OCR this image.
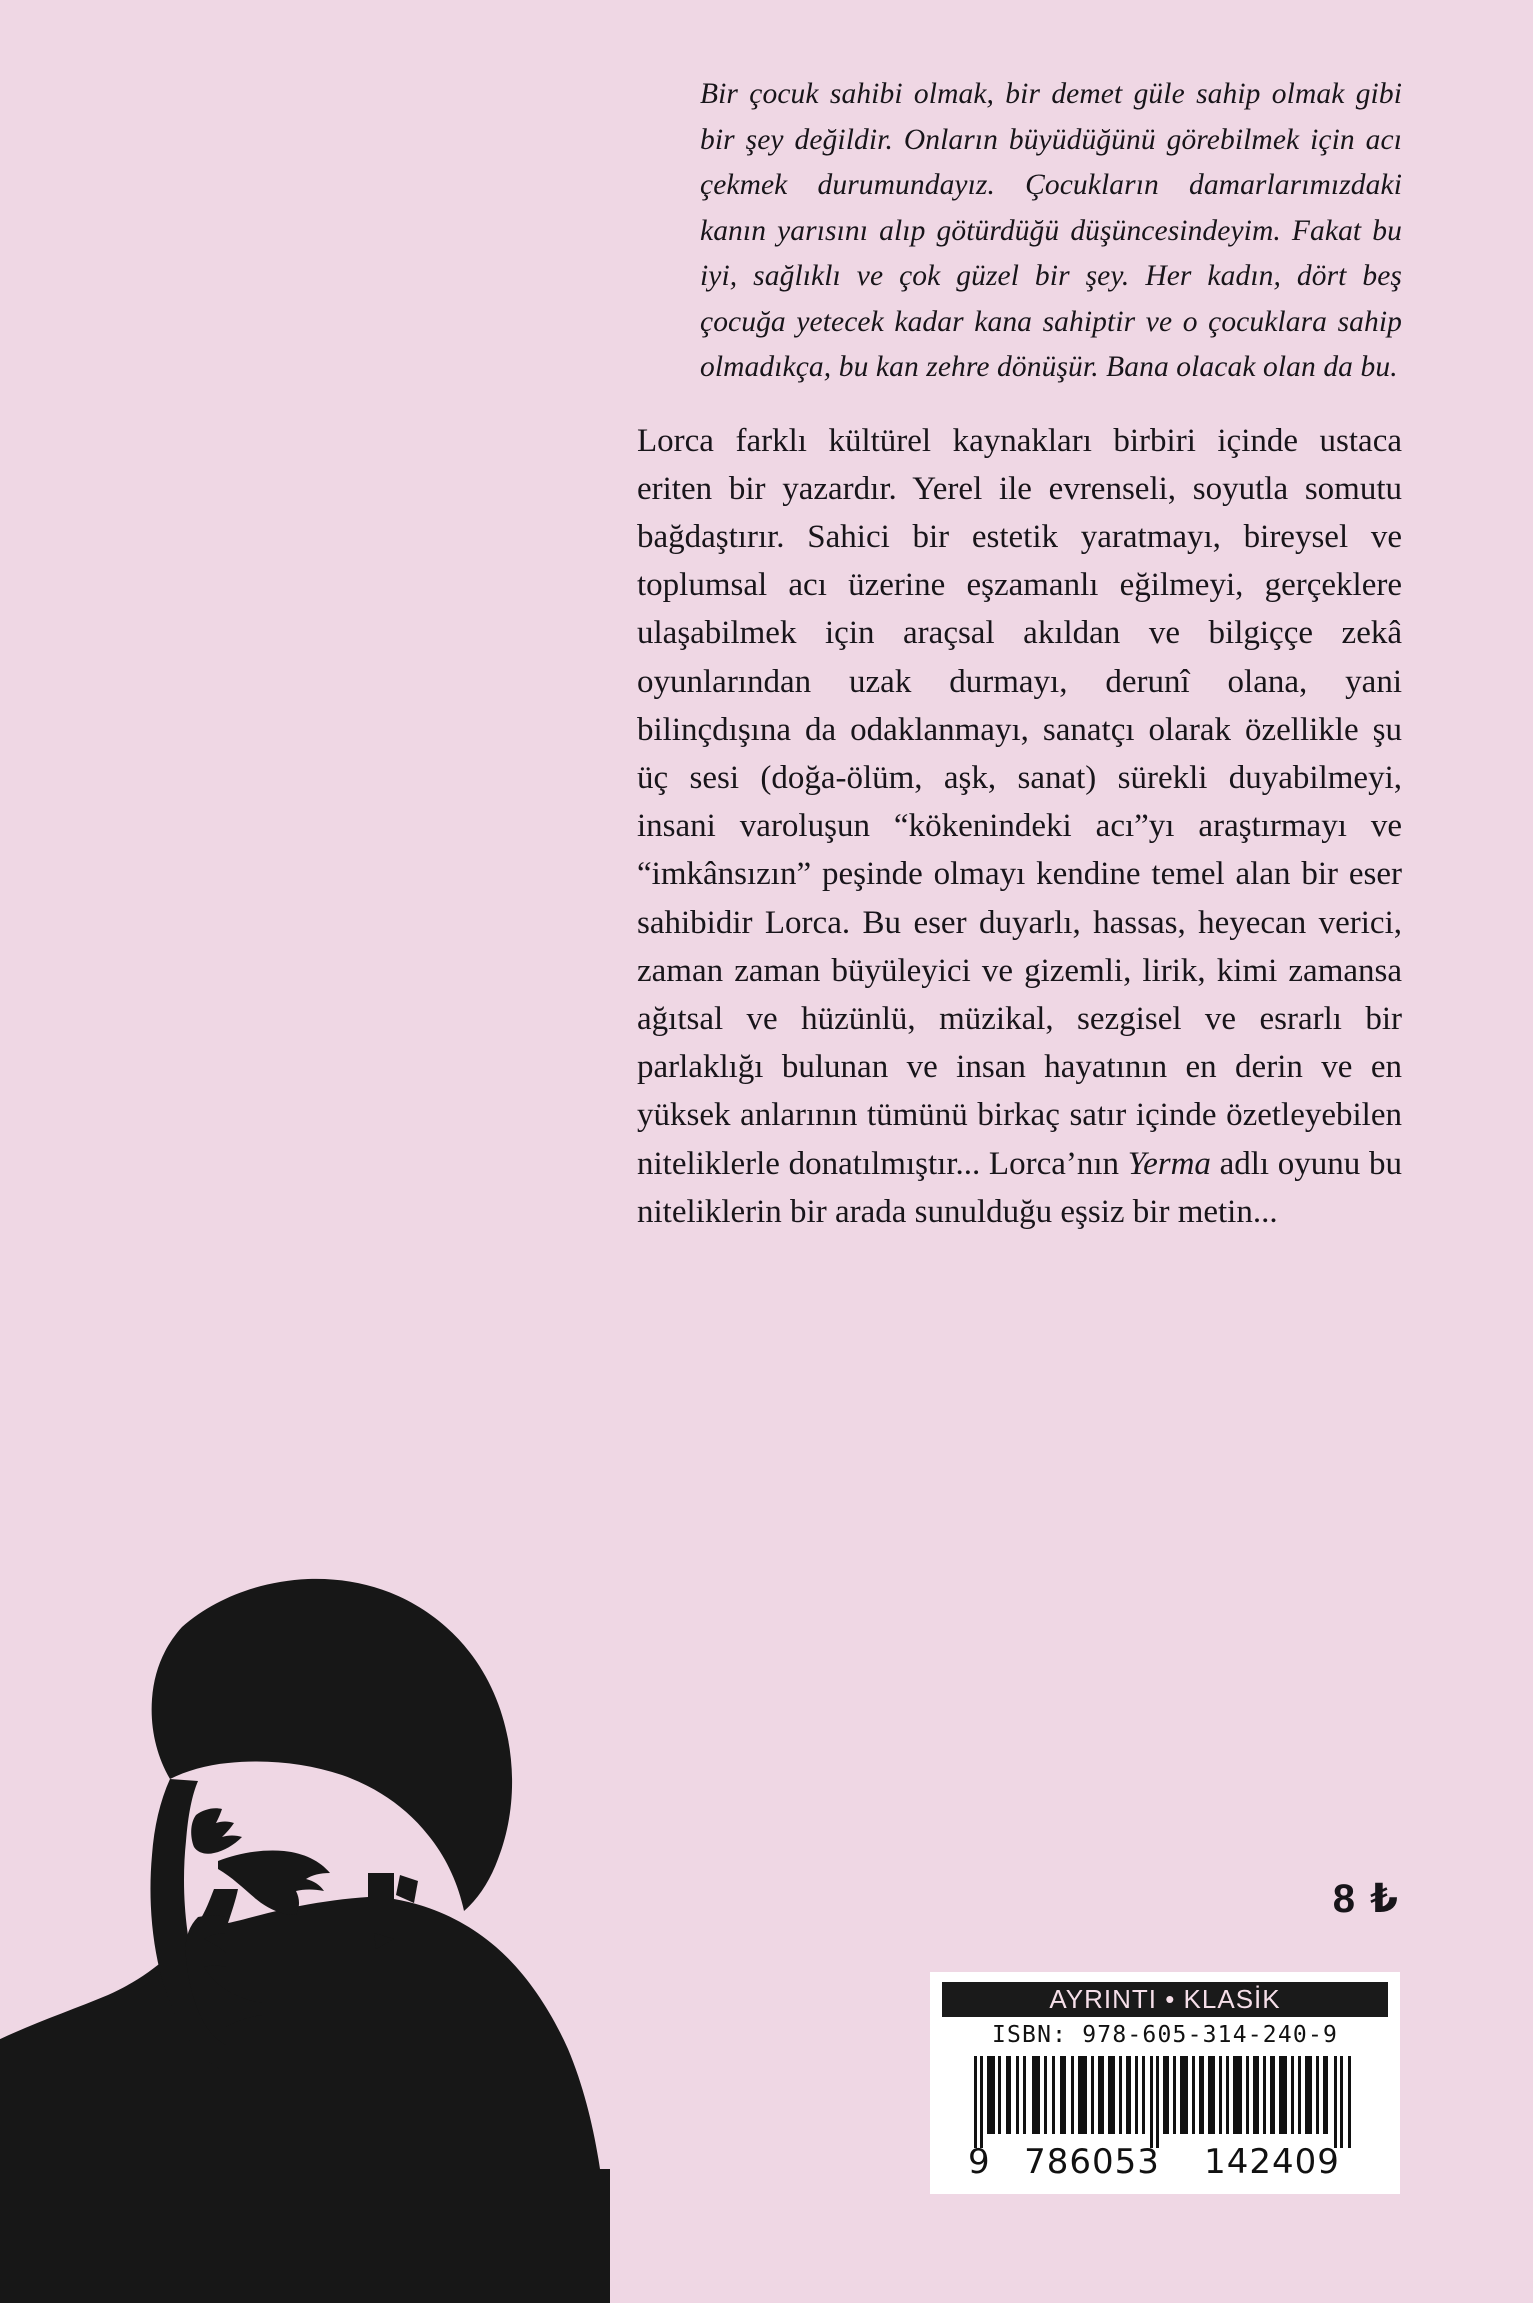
Bir çocuk sahibi olmak, bir demet güle sahip olmak gibi bir şey değildir. Onların büyüdüğünü görebilmek için acı çekmek durumundayız. Çocukların damarlarımızdaki kanın yarısını alıp götürdüğü düşüncesindeyim. Fakat bu iyi, sağlıklı ve çok güzel bir şey. Her kadın, dört beş çocuğa yetecek kadar kana sahiptir ve o çocuklara sahip olmadıkça, bu kan zehre dönüşür. Bana olacak olan da bu.

Lorca farklı kültürel kaynakları birbiri içinde ustaca eriten bir yazardır. Yerel ile evrenseli, soyutla somutu bağdaştırır. Sahici bir estetik yaratmayı, bireysel ve toplumsal acı üzerine eşzamanlı eğilmeyi, gerçeklere ulaşabilmek için araçsal akıldan ve bilgiççe zekâ oyunlarından uzak durmayı, derunî olana, yani bilinçdışına da odaklanmayı, sanatçı olarak özellikle şu üç sesi (doğa-ölüm, aşk, sanat) sürekli duyabilmeyi, insani varoluşun “kökenindeki acı”yı araştırmayı ve “imkânsızın” peşinde olmayı kendine temel alan bir eser sahibidir Lorca. Bu eser duyarlı, hassas, heyecan verici, zaman zaman büyüleyici ve gizemli, lirik, kimi zamansa ağıtsal ve hüzünlü, müzikal, sezgisel ve esrarlı bir parlaklığı bulunan ve insan hayatının en derin ve en yüksek anlarının tümünü birkaç satır içinde özetleyebilen niteliklerle donatılmıştır... Lorca’nın Yerma adlı oyunu bu niteliklerin bir arada sunulduğu eşsiz bir metin...

8 ₺
AYRINTI • KLASİK
ISBN: 978-605-314-240-9
9 786053	142409
